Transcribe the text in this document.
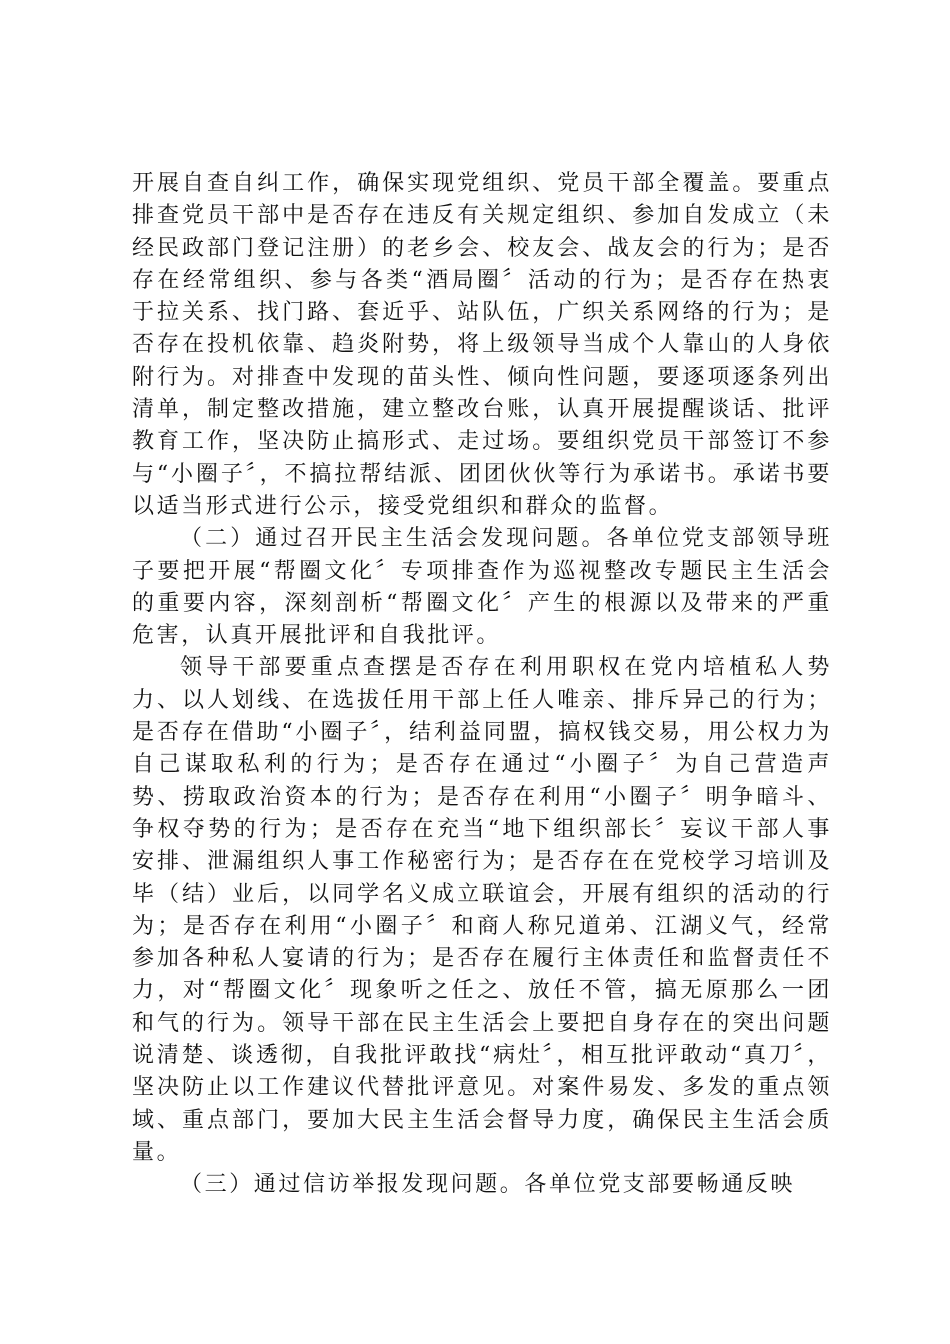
开展自查自纠工作，确保实现党组织、党员干部全覆盖。要重点排查党员干部中是否存在违反有关规定组织、参加自发成立（未经民政部门登记注册）的老乡会、校友会、战友会的行为；是否存在经常组织、参与各类“酒局圈〞活动的行为；是否存在热衷于拉关系、找门路、套近乎、站队伍，广织关系网络的行为；是否存在投机依靠、趋炎附势，将上级领导当成个人靠山的人身依附行为。对排查中发现的苗头性、倾向性问题，要逐项逐条列出清单，制定整改措施，建立整改台账，认真开展提醒谈话、批评教育工作，坚决防止搞形式、走过场。要组织党员干部签订不参与“小圈子〞，不搞拉帮结派、团团伙伙等行为承诺书。承诺书要以适当形式进行公示，接受党组织和群众的监督。

（二）通过召开民主生活会发现问题。各单位党支部领导班子要把开展“帮圈文化〞专项排查作为巡视整改专题民主生活会的重要内容，深刻剖析“帮圈文化〞产生的根源以及带来的严重危害，认真开展批评和自我批评。

领导干部要重点查摆是否存在利用职权在党内培植私人势力、以人划线、在选拔任用干部上任人唯亲、排斥异己的行为；是否存在借助“小圈子〞，结利益同盟，搞权钱交易，用公权力为自己谋取私利的行为；是否存在通过“小圈子〞为自己营造声势、捞取政治资本的行为；是否存在利用“小圈子〞明争暗斗、争权夺势的行为；是否存在充当“地下组织部长〞妄议干部人事安排、泄漏组织人事工作秘密行为；是否存在在党校学习培训及毕（结）业后，以同学名义成立联谊会，开展有组织的活动的行为；是否存在利用“小圈子〞和商人称兄道弟、江湖义气，经常参加各种私人宴请的行为；是否存在履行主体责任和监督责任不力，对“帮圈文化〞现象听之任之、放任不管，搞无原那么一团和气的行为。领导干部在民主生活会上要把自身存在的突出问题说清楚、谈透彻，自我批评敢找“病灶〞，相互批评敢动“真刀〞，坚决防止以工作建议代替批评意见。对案件易发、多发的重点领域、重点部门，要加大民主生活会督导力度，确保民主生活会质量。

（三）通过信访举报发现问题。各单位党支部要畅通反映
